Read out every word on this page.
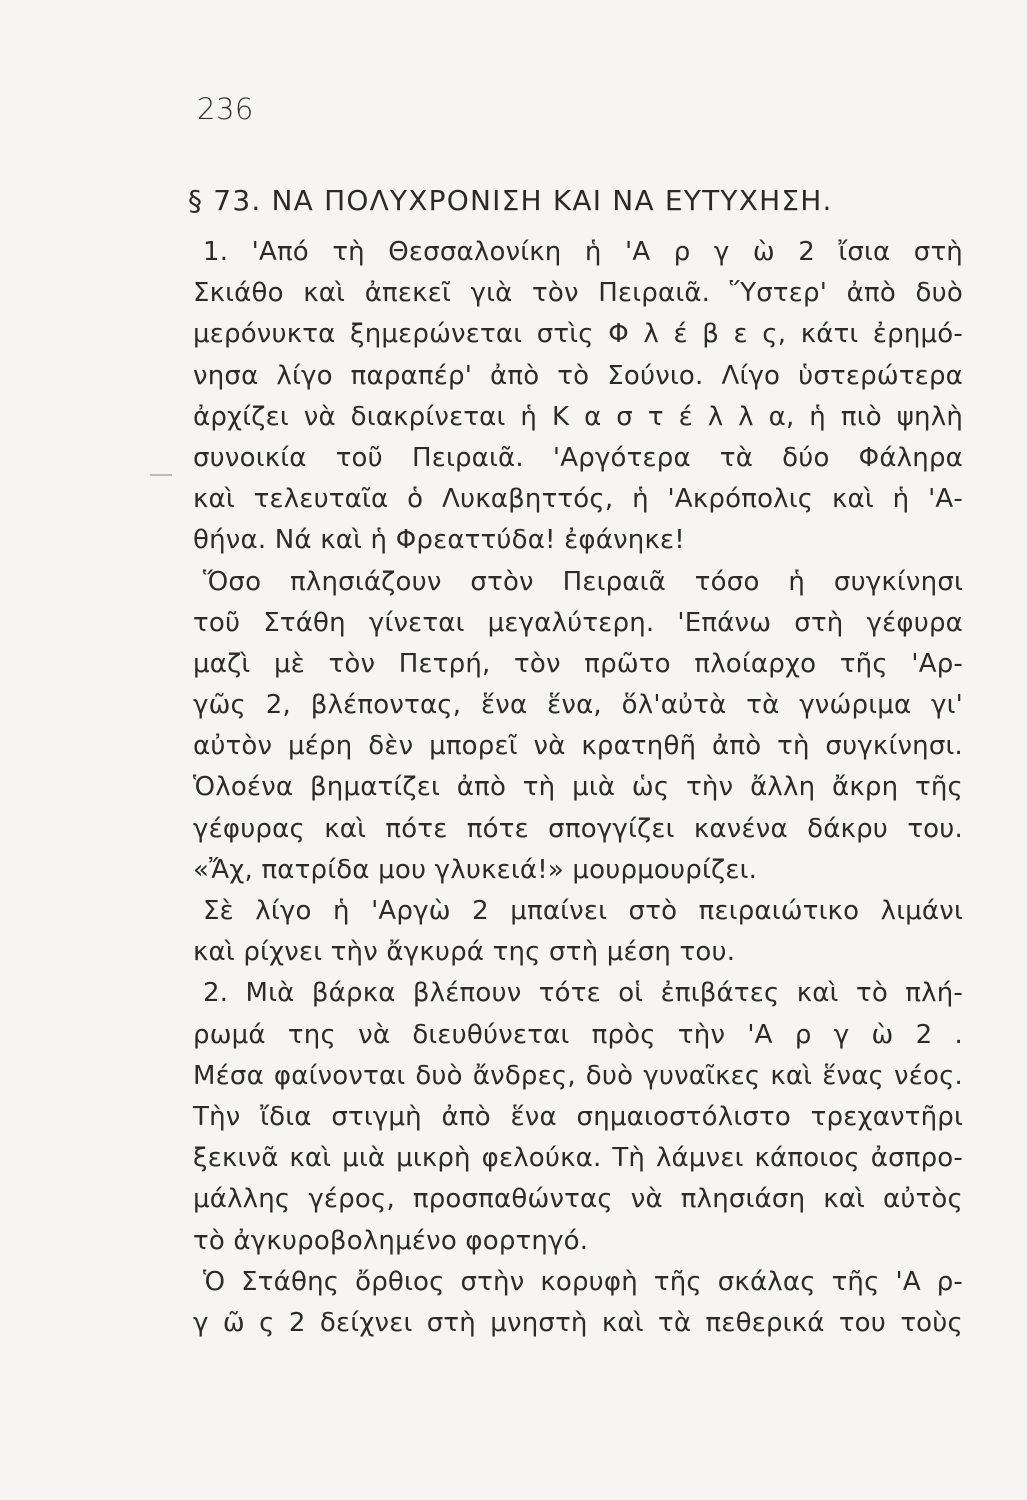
236
§ 73. ΝΑ ΠΟΛΥΧΡΟΝΙΣΗ ΚΑΙ ΝΑ ΕΥΤΥΧΗΣΗ.
1. 'Από τὴ Θεσσαλονίκη ἡ 'Α ρ γ ὼ 2 ἴσια στὴ
Σκιάθο καὶ ἀπεκεῖ γιὰ τὸν Πειραιᾶ. Ὕστερ' ἀπὸ δυὸ
μερόνυκτα ξημερώνεται στὶς Φ λ έ β ε ς, κάτι ἐρημό-
νησα λίγο παραπέρ' ἀπὸ τὸ Σούνιο. Λίγο ὑστερώτερα
ἀρχίζει νὰ διακρίνεται ἡ Κ α σ τ έ λ λ α, ἡ πιὸ ψηλὴ
συνοικία τοῦ Πειραιᾶ. 'Αργότερα τὰ δύο Φάληρα
καὶ τελευταῖα ὁ Λυκαβηττός, ἡ 'Ακρόπολις καὶ ἡ 'Α-
θήνα. Νά καὶ ἡ Φρεαττύδα! ἐφάνηκε!
Ὅσο πλησιάζουν στὸν Πειραιᾶ τόσο ἡ συγκίνησι
τοῦ Στάθη γίνεται μεγαλύτερη. 'Επάνω στὴ γέφυρα
μαζὶ μὲ τὸν Πετρή, τὸν πρῶτο πλοίαρχο τῆς 'Αρ-
γῶς 2, βλέποντας, ἕνα ἕνα, ὅλ'αὐτὰ τὰ γνώριμα γι'
αὐτὸν μέρη δὲν μπορεῖ νὰ κρατηθῆ ἀπὸ τὴ συγκίνησι.
Ὁλοένα βηματίζει ἀπὸ τὴ μιὰ ὡς τὴν ἄλλη ἄκρη τῆς
γέφυρας καὶ πότε πότε σπογγίζει κανένα δάκρυ του.
«Ἄχ, πατρίδα μου γλυκειά!» μουρμουρίζει.
Σὲ λίγο ἡ 'Αργὼ 2 μπαίνει στὸ πειραιώτικο λιμάνι
καὶ ρίχνει τὴν ἄγκυρά της στὴ μέση του.
2. Μιὰ βάρκα βλέπουν τότε οἱ ἐπιβάτες καὶ τὸ πλή-
ρωμά της νὰ διευθύνεται πρὸς τὴν 'Α ρ γ ὼ 2 .
Μέσα φαίνονται δυὸ ἄνδρες, δυὸ γυναῖκες καὶ ἕνας νέος.
Τὴν ἴδια στιγμὴ ἀπὸ ἕνα σημαιοστόλιστο τρεχαντῆρι
ξεκινᾶ καὶ μιὰ μικρὴ φελούκα. Τὴ λάμνει κάποιος ἀσπρο-
μάλλης γέρος, προσπαθώντας νὰ πλησιάση καὶ αὐτὸς
τὸ ἀγκυροβολημένο φορτηγό.
Ὁ Στάθης ὄρθιος στὴν κορυφὴ τῆς σκάλας τῆς 'Α ρ-
γ ῶ ς 2 δείχνει στὴ μνηστὴ καὶ τὰ πεθερικά του τοὺς
